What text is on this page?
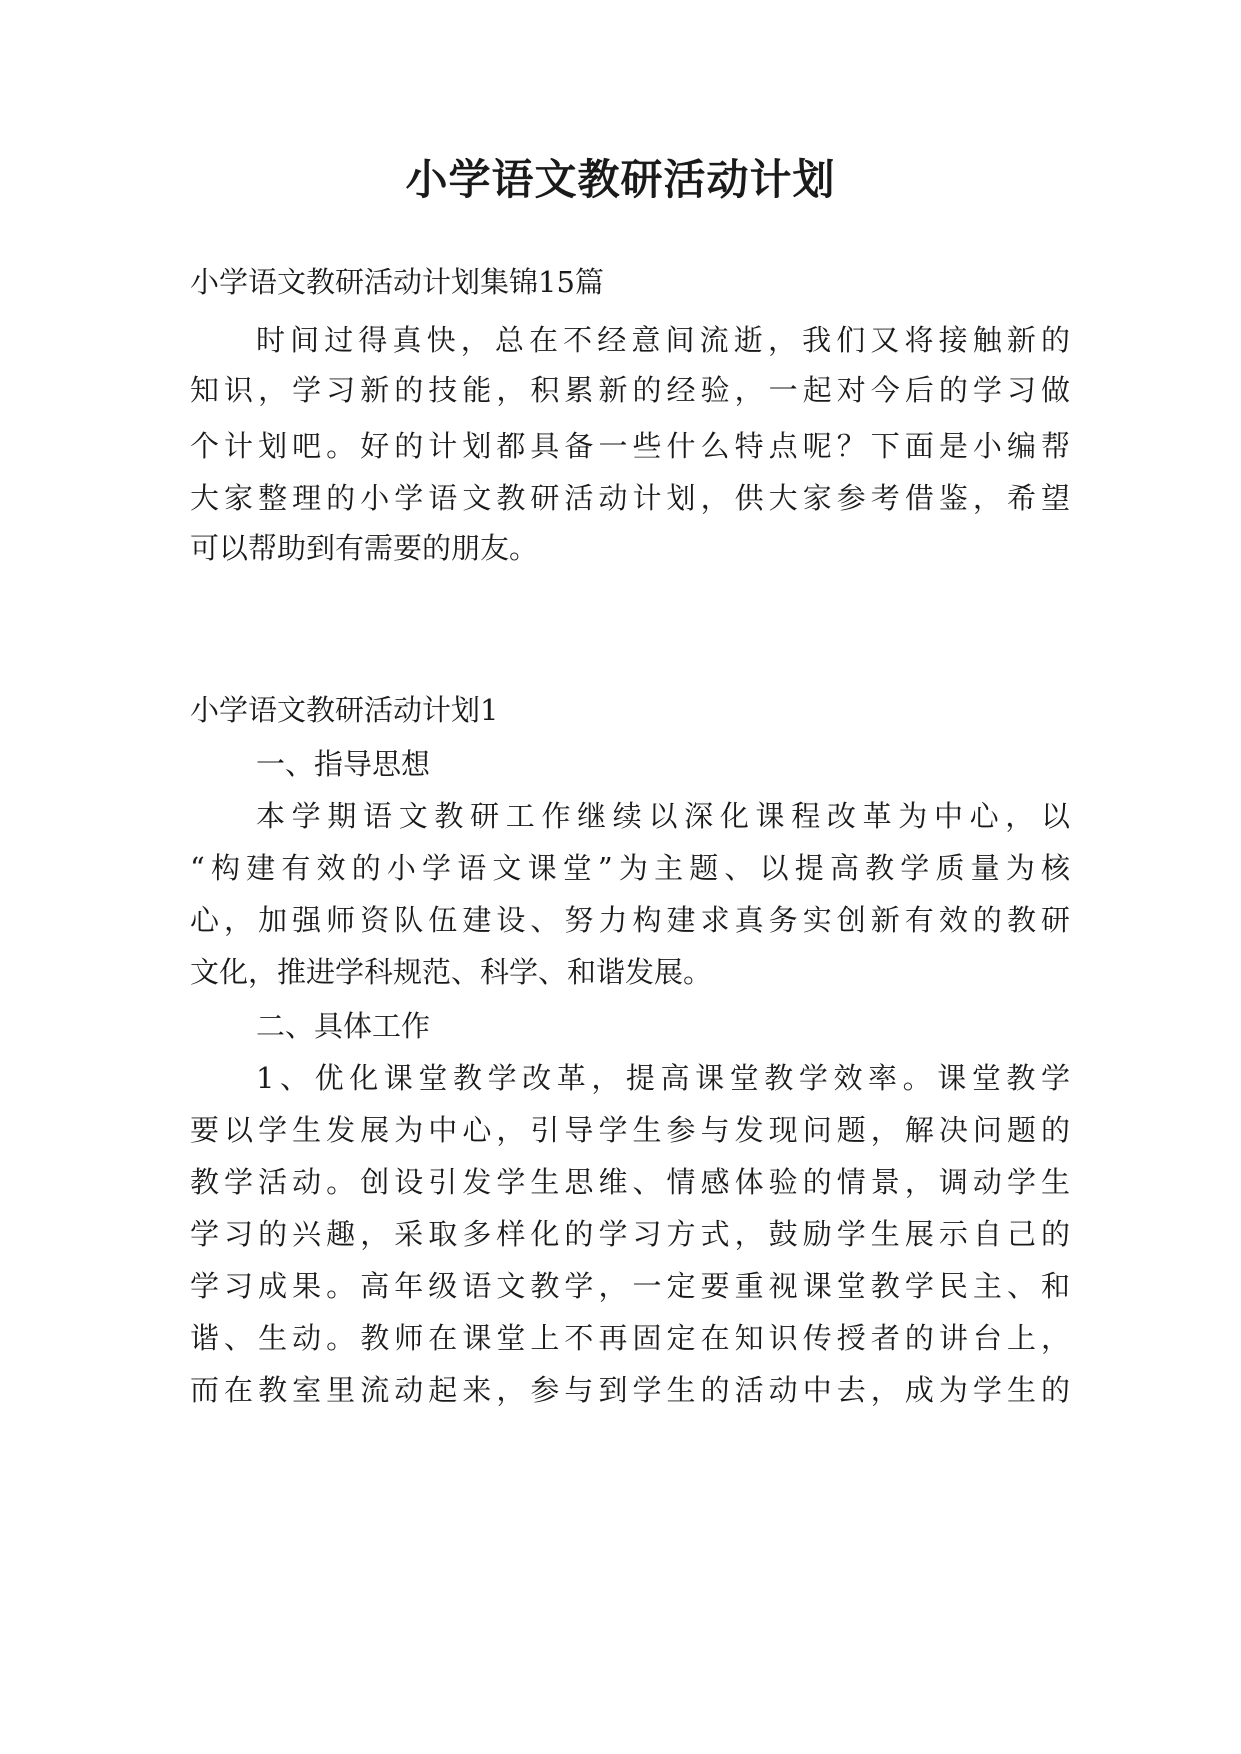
小学语文教研活动计划

小学语文教研活动计划集锦15篇

时间过得真快，总在不经意间流逝，我们又将接触新的

知识，学习新的技能，积累新的经验，一起对今后的学习做

个计划吧。好的计划都具备一些什么特点呢？下面是小编帮

大家整理的小学语文教研活动计划，供大家参考借鉴，希望

可以帮助到有需要的朋友。

小学语文教研活动计划1

一、指导思想

本学期语文教研工作继续以深化课程改革为中心，以

“构建有效的小学语文课堂”为主题、以提高教学质量为核

心，加强师资队伍建设、努力构建求真务实创新有效的教研

文化，推进学科规范、科学、和谐发展。

二、具体工作

1、优化课堂教学改革，提高课堂教学效率。课堂教学

要以学生发展为中心，引导学生参与发现问题，解决问题的

教学活动。创设引发学生思维、情感体验的情景，调动学生

学习的兴趣，采取多样化的学习方式，鼓励学生展示自己的

学习成果。高年级语文教学，一定要重视课堂教学民主、和

谐、生动。教师在课堂上不再固定在知识传授者的讲台上，

而在教室里流动起来，参与到学生的活动中去，成为学生的
